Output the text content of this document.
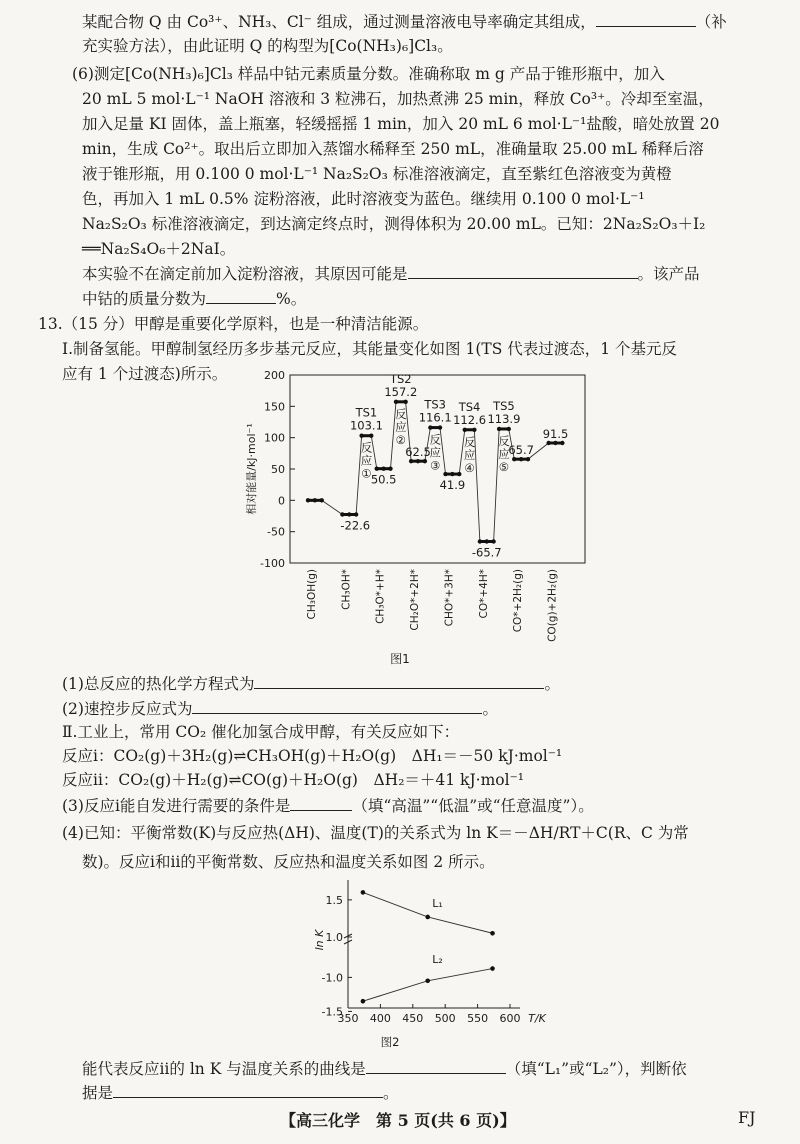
某配合物 Q 由 Co³⁺、NH₃、Cl⁻ 组成，通过测量溶液电导率确定其组成，	（补
充实验方法），由此证明 Q 的构型为[Co(NH₃)₆]Cl₃。
(6)测定[Co(NH₃)₆]Cl₃ 样品中钴元素质量分数。准确称取 m g 产品于锥形瓶中，加入
20 mL 5 mol·L⁻¹ NaOH 溶液和 3 粒沸石，加热煮沸 25 min，释放 Co³⁺。冷却至室温，
加入足量 KI 固体，盖上瓶塞，轻缓摇摇 1 min，加入 20 mL 6 mol·L⁻¹盐酸，暗处放置 20
min，生成 Co²⁺。取出后立即加入蒸馏水稀释至 250 mL，准确量取 25.00 mL 稀释后溶
液于锥形瓶，用 0.100 0 mol·L⁻¹ Na₂S₂O₃ 标准溶液滴定，直至紫红色溶液变为黄橙
色，再加入 1 mL 0.5% 淀粉溶液，此时溶液变为蓝色。继续用 0.100 0 mol·L⁻¹
Na₂S₂O₃ 标准溶液滴定，到达滴定终点时，测得体积为 20.00 mL。已知：2Na₂S₂O₃＋I₂
══Na₂S₄O₆＋2NaI。
本实验不在滴定前加入淀粉溶液，其原因可能是	。该产品
中钴的质量分数为	%。
13.（15 分）甲醇是重要化学原料，也是一种清洁能源。
Ⅰ.制备氢能。甲醇制氢经历多步基元反应，其能量变化如图 1(TS 代表过渡态，1 个基元反
应有 1 个过渡态)所示。	200
150
100
50
0
-50
-100
相对能量/kJ·mol⁻¹
CH₃OH(g)
-22.6
CH₃OH*
50.5
CH₃O*+H*
62.5
CH₂O*+2H*
41.9
CHO*+3H*
-65.7
CO*+4H*
65.7
CO*+2H₂(g)
91.5
CO(g)+2H₂(g)
TS1
103.1
反
应
①
TS2
157.2
反
应
②
TS3
116.1
反
应
③
TS4
112.6
反
应
④
TS5
113.9
反
应
⑤
图1
(1)总反应的热化学方程式为	。
(2)速控步反应式为	。
Ⅱ.工业上，常用 CO₂ 催化加氢合成甲醇，有关反应如下：
反应ⅰ：CO₂(g)＋3H₂(g)⇌CH₃OH(g)＋H₂O(g)　ΔH₁＝－50 kJ·mol⁻¹
反应ⅱ：CO₂(g)＋H₂(g)⇌CO(g)＋H₂O(g)　ΔH₂＝＋41 kJ·mol⁻¹
(3)反应ⅰ能自发进行需要的条件是	（填“高温”“低温”或“任意温度”）。
(4)已知：平衡常数(K)与反应热(ΔH)、温度(T)的关系式为 ln K＝－ΔH/RT＋C(R、C 为常
数)。反应ⅰ和ⅱ的平衡常数、反应热和温度关系如图 2 所示。
1.5
1.0
-1.0
-1.5
350 400 450 500 550 600 T/K
ln K
L₁
L₂
图2
能代表反应ⅱ的 ln K 与温度关系的曲线是	（填“L₁”或“L₂”），判断依
据是	。
【高三化学　第 5 页(共 6 页)】	FJ
